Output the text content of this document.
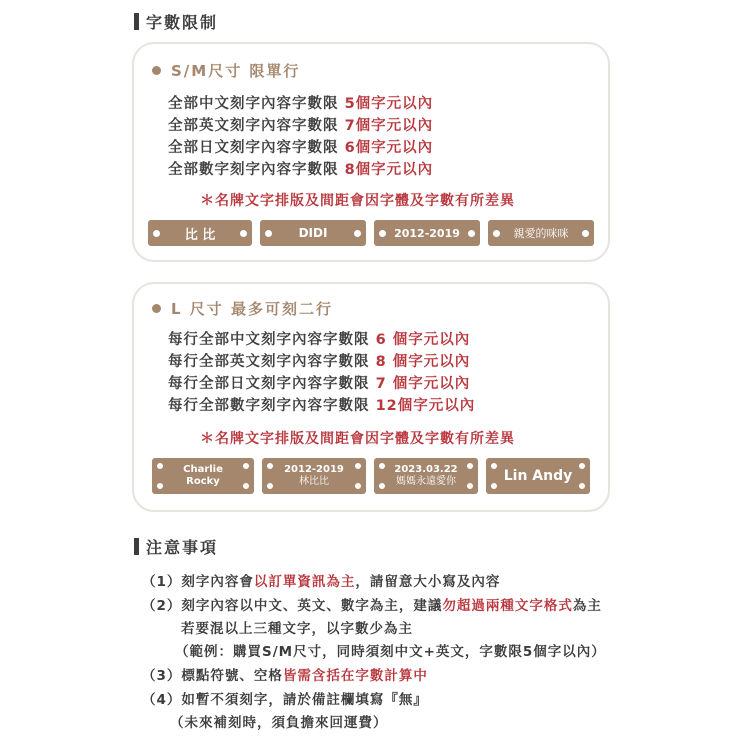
字數限制
S/M尺寸 限單行
全部中文刻字內容字數限 5個字元以內
全部英文刻字內容字數限 7個字元以內
全部日文刻字內容字數限 6個字元以內
全部數字刻字內容字數限 8個字元以內
＊名牌文字排版及間距會因字體及字數有所差異
比 比	DIDI	2012-2019	親愛的咪咪
L 尺寸 最多可刻二行
每行全部中文刻字內容字數限 6 個字元以內
每行全部英文刻字內容字數限 8 個字元以內
每行全部日文刻字內容字數限 7 個字元以內
每行全部數字刻字內容字數限 12個字元以內
＊名牌文字排版及間距會因字體及字數有所差異
Charlie
Rocky
2012-2019
林比比
2023.03.22
媽媽永遠愛你	Lin Andy
注意事項
（1）刻字內容會以訂單資訊為主，請留意大小寫及內容
（2）刻字內容以中文、英文、數字為主，建議勿超過兩種文字格式為主
若要混以上三種文字，以字數少為主
（範例：購買S/M尺寸，同時須刻中文+英文，字數限5個字以內）
（3）標點符號、空格皆需含括在字數計算中
（4）如暫不須刻字，請於備註欄填寫『無』
（未來補刻時，須負擔來回運費）
